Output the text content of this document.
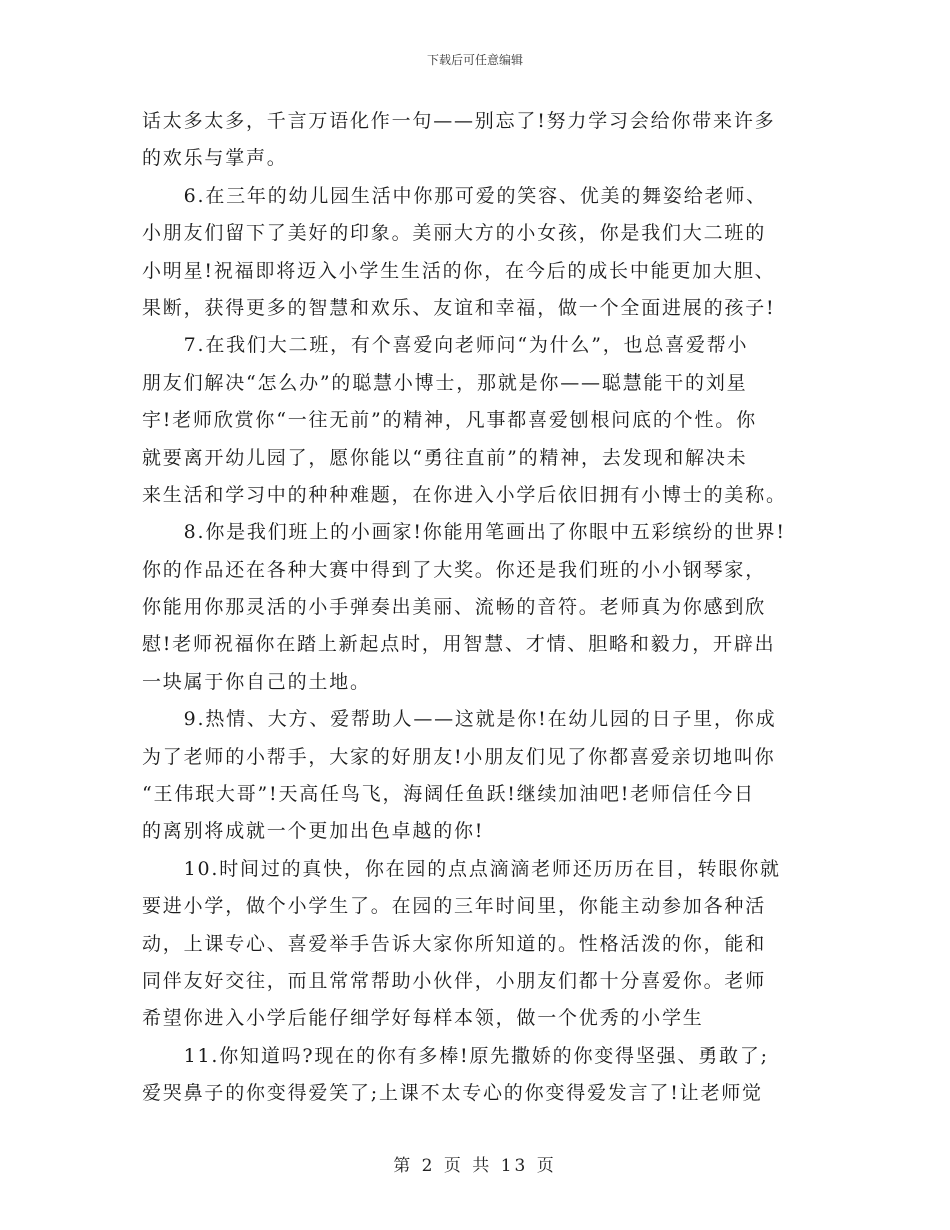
下载后可任意编辑
话太多太多，千言万语化作一句——别忘了!努力学习会给你带来许多
的欢乐与掌声。
　　6.在三年的幼儿园生活中你那可爱的笑容、优美的舞姿给老师、
小朋友们留下了美好的印象。美丽大方的小女孩，你是我们大二班的
小明星!祝福即将迈入小学生生活的你，在今后的成长中能更加大胆、
果断，获得更多的智慧和欢乐、友谊和幸福，做一个全面进展的孩子!
　　7.在我们大二班，有个喜爱向老师问“为什么”，也总喜爱帮小
朋友们解决“怎么办”的聪慧小博士，那就是你——聪慧能干的刘星
宇!老师欣赏你“一往无前”的精神，凡事都喜爱刨根问底的个性。你
就要离开幼儿园了，愿你能以“勇往直前”的精神，去发现和解决未
来生活和学习中的种种难题，在你进入小学后依旧拥有小博士的美称。
　　8.你是我们班上的小画家!你能用笔画出了你眼中五彩缤纷的世界!
你的作品还在各种大赛中得到了大奖。你还是我们班的小小钢琴家，
你能用你那灵活的小手弹奏出美丽、流畅的音符。老师真为你感到欣
慰!老师祝福你在踏上新起点时，用智慧、才情、胆略和毅力，开辟出
一块属于你自己的土地。
　　9.热情、大方、爱帮助人——这就是你!在幼儿园的日子里，你成
为了老师的小帮手，大家的好朋友!小朋友们见了你都喜爱亲切地叫你
“王伟珉大哥”!天高任鸟飞，海阔任鱼跃!继续加油吧!老师信任今日
的离别将成就一个更加出色卓越的你!
　　10.时间过的真快，你在园的点点滴滴老师还历历在目，转眼你就
要进小学，做个小学生了。在园的三年时间里，你能主动参加各种活
动，上课专心、喜爱举手告诉大家你所知道的。性格活泼的你，能和
同伴友好交往，而且常常帮助小伙伴，小朋友们都十分喜爱你。老师
希望你进入小学后能仔细学好每样本领，做一个优秀的小学生
　　11.你知道吗?现在的你有多棒!原先撒娇的你变得坚强、勇敢了;
爱哭鼻子的你变得爱笑了;上课不太专心的你变得爱发言了!让老师觉
第 2 页 共 13 页
